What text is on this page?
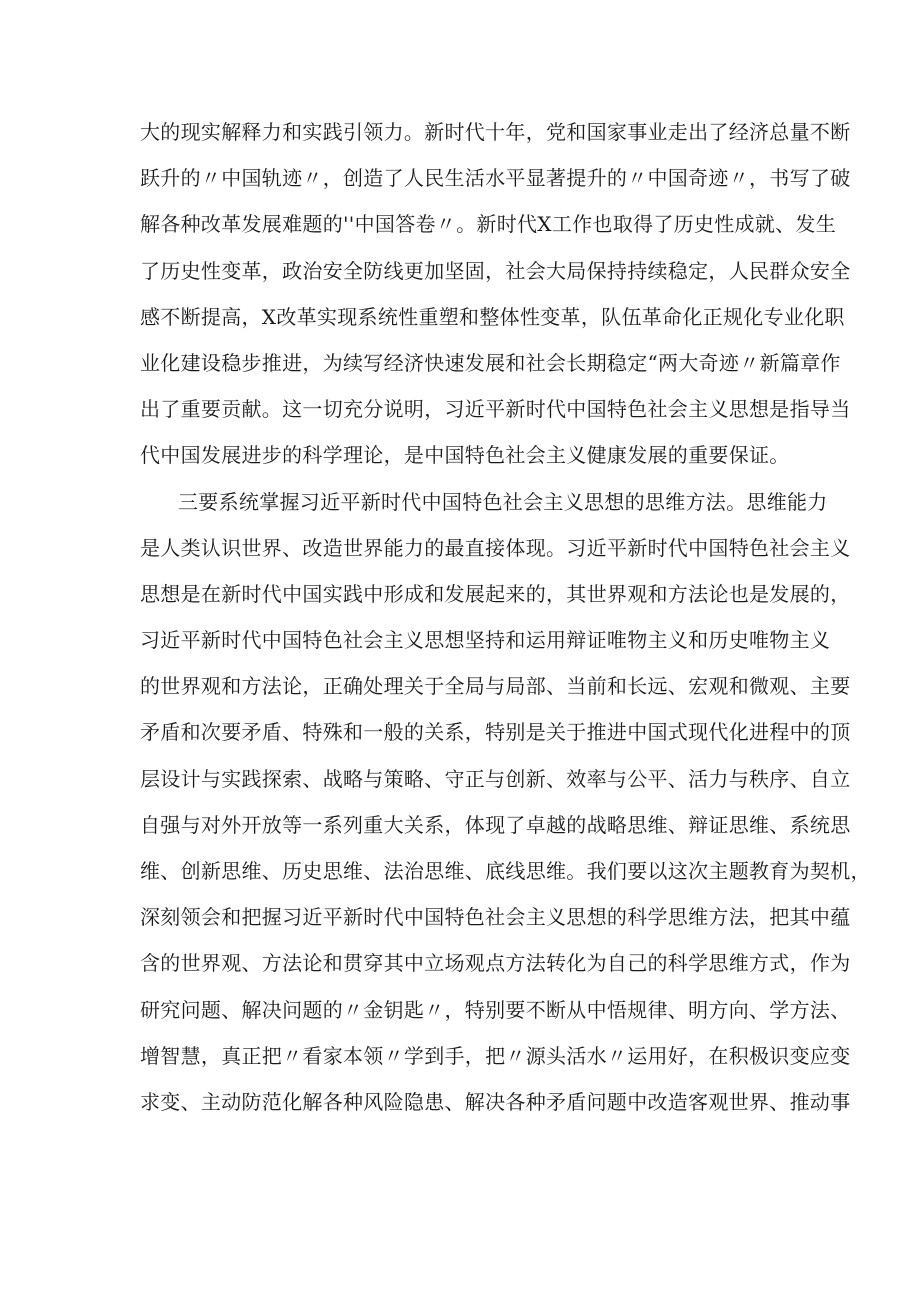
大的现实解释力和实践引领力。新时代十年，党和国家事业走出了经济总量不断
跃升的〃中国轨迹〃，创造了人民生活水平显著提升的〃中国奇迹〃，书写了破
解各种改革发展难题的''中国答卷〃。新时代X工作也取得了历史性成就、发生
了历史性变革，政治安全防线更加坚固，社会大局保持持续稳定，人民群众安全
感不断提高，X改革实现系统性重塑和整体性变革，队伍革命化正规化专业化职
业化建设稳步推进，为续写经济快速发展和社会长期稳定“两大奇迹〃新篇章作
出了重要贡献。这一切充分说明，习近平新时代中国特色社会主义思想是指导当
代中国发展进步的科学理论，是中国特色社会主义健康发展的重要保证。
三要系统掌握习近平新时代中国特色社会主义思想的思维方法。思维能力
是人类认识世界、改造世界能力的最直接体现。习近平新时代中国特色社会主义
思想是在新时代中国实践中形成和发展起来的，其世界观和方法论也是发展的，
习近平新时代中国特色社会主义思想坚持和运用辩证唯物主义和历史唯物主义
的世界观和方法论，正确处理关于全局与局部、当前和长远、宏观和微观、主要
矛盾和次要矛盾、特殊和一般的关系，特别是关于推进中国式现代化进程中的顶
层设计与实践探索、战略与策略、守正与创新、效率与公平、活力与秩序、自立
自强与对外开放等一系列重大关系，体现了卓越的战略思维、辩证思维、系统思
维、创新思维、历史思维、法治思维、底线思维。我们要以这次主题教育为契机，
深刻领会和把握习近平新时代中国特色社会主义思想的科学思维方法，把其中蕴
含的世界观、方法论和贯穿其中立场观点方法转化为自己的科学思维方式，作为
研究问题、解决问题的〃金钥匙〃，特别要不断从中悟规律、明方向、学方法、
增智慧，真正把〃看家本领〃学到手，把〃源头活水〃运用好，在积极识变应变
求变、主动防范化解各种风险隐患、解决各种矛盾问题中改造客观世界、推动事
